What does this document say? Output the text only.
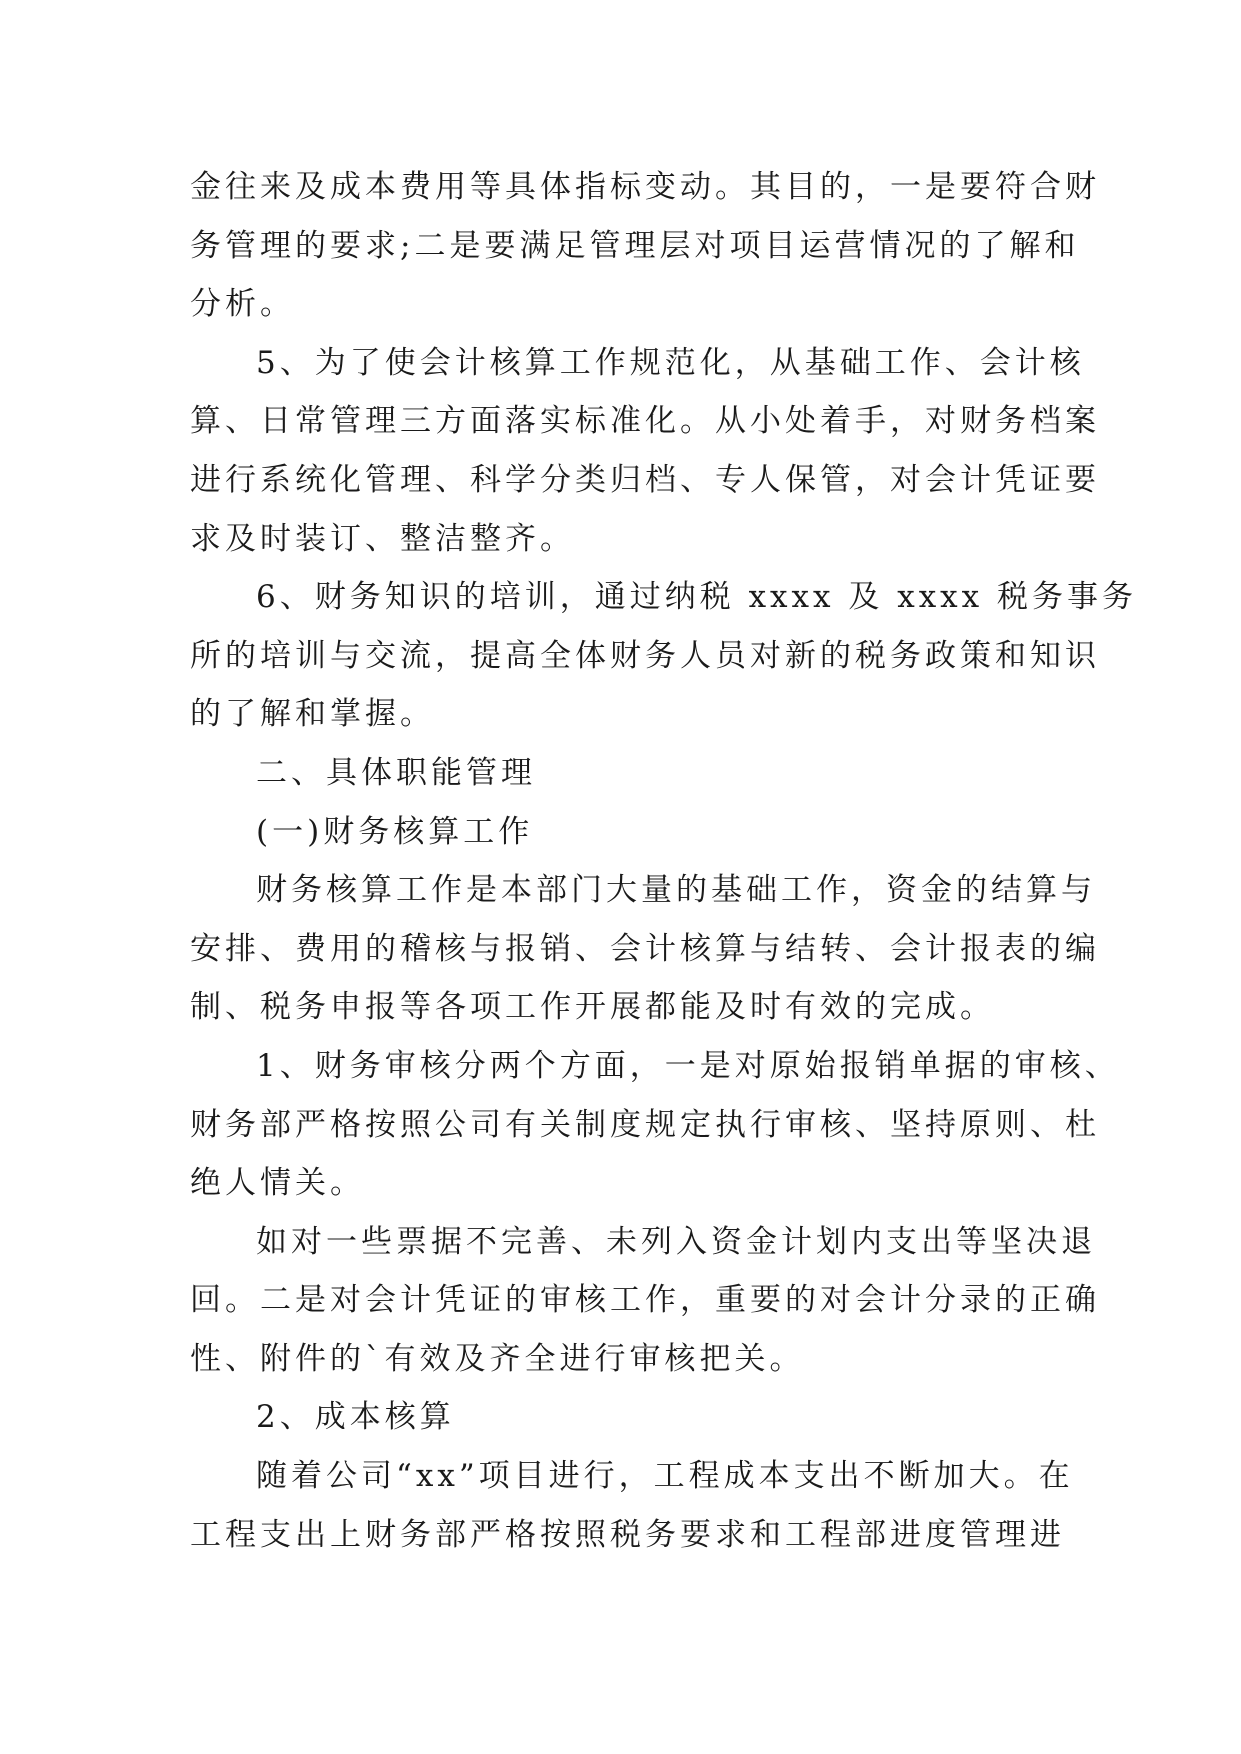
金往来及成本费用等具体指标变动。其目的，一是要符合财
务管理的要求;二是要满足管理层对项目运营情况的了解和
分析。
5、为了使会计核算工作规范化，从基础工作、会计核
算、日常管理三方面落实标准化。从小处着手，对财务档案
进行系统化管理、科学分类归档、专人保管，对会计凭证要
求及时装订、整洁整齐。
6、财务知识的培训，通过纳税 xxxx 及 xxxx 税务事务
所的培训与交流，提高全体财务人员对新的税务政策和知识
的了解和掌握。
二、具体职能管理
(一)财务核算工作
财务核算工作是本部门大量的基础工作，资金的结算与
安排、费用的稽核与报销、会计核算与结转、会计报表的编
制、税务申报等各项工作开展都能及时有效的完成。
1、财务审核分两个方面，一是对原始报销单据的审核、
财务部严格按照公司有关制度规定执行审核、坚持原则、杜
绝人情关。
如对一些票据不完善、未列入资金计划内支出等坚决退
回。二是对会计凭证的审核工作，重要的对会计分录的正确
性、附件的`有效及齐全进行审核把关。
2、成本核算
随着公司“xx”项目进行，工程成本支出不断加大。在
工程支出上财务部严格按照税务要求和工程部进度管理进
